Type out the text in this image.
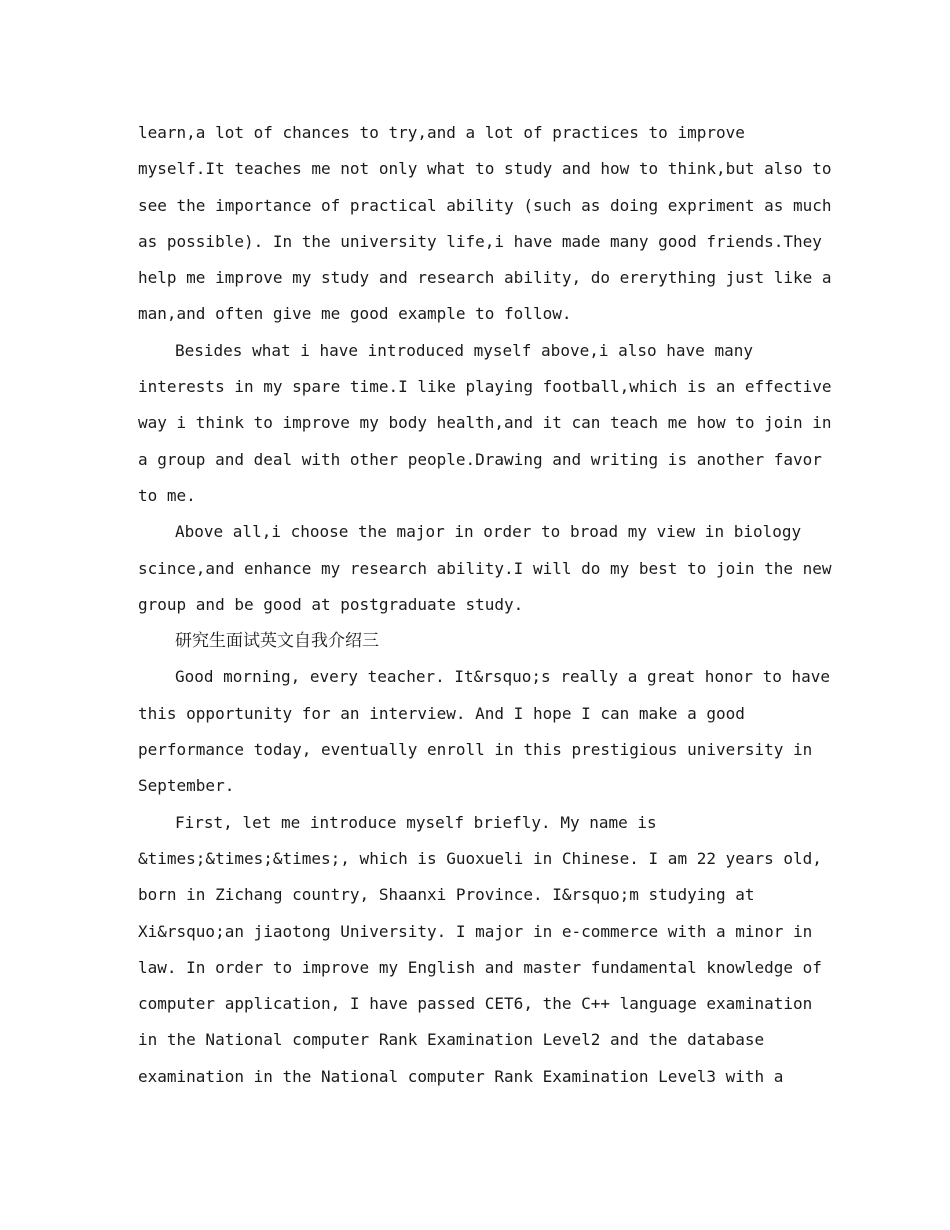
learn,a lot of chances to try,and a lot of practices to improve
myself.It teaches me not only what to study and how to think,but also to
see the importance of practical ability (such as doing expriment as much
as possible). In the university life,i have made many good friends.They
help me improve my study and research ability, do ererything just like a
man,and often give me good example to follow.
Besides what i have introduced myself above,i also have many
interests in my spare time.I like playing football,which is an effective
way i think to improve my body health,and it can teach me how to join in
a group and deal with other people.Drawing and writing is another favor
to me.
Above all,i choose the major in order to broad my view in biology
scince,and enhance my research ability.I will do my best to join the new
group and be good at postgraduate study.
研究生面试英文自我介绍三
Good morning, every teacher. It&rsquo;s really a great honor to have
this opportunity for an interview. And I hope I can make a good
performance today, eventually enroll in this prestigious university in
September.
First, let me introduce myself briefly. My name is
&times;&times;&times;, which is Guoxueli in Chinese. I am 22 years old,
born in Zichang country, Shaanxi Province. I&rsquo;m studying at
Xi&rsquo;an jiaotong University. I major in e-commerce with a minor in
law. In order to improve my English and master fundamental knowledge of
computer application, I have passed CET6, the C++ language examination
in the National computer Rank Examination Level2 and the database
examination in the National computer Rank Examination Level3 with a
